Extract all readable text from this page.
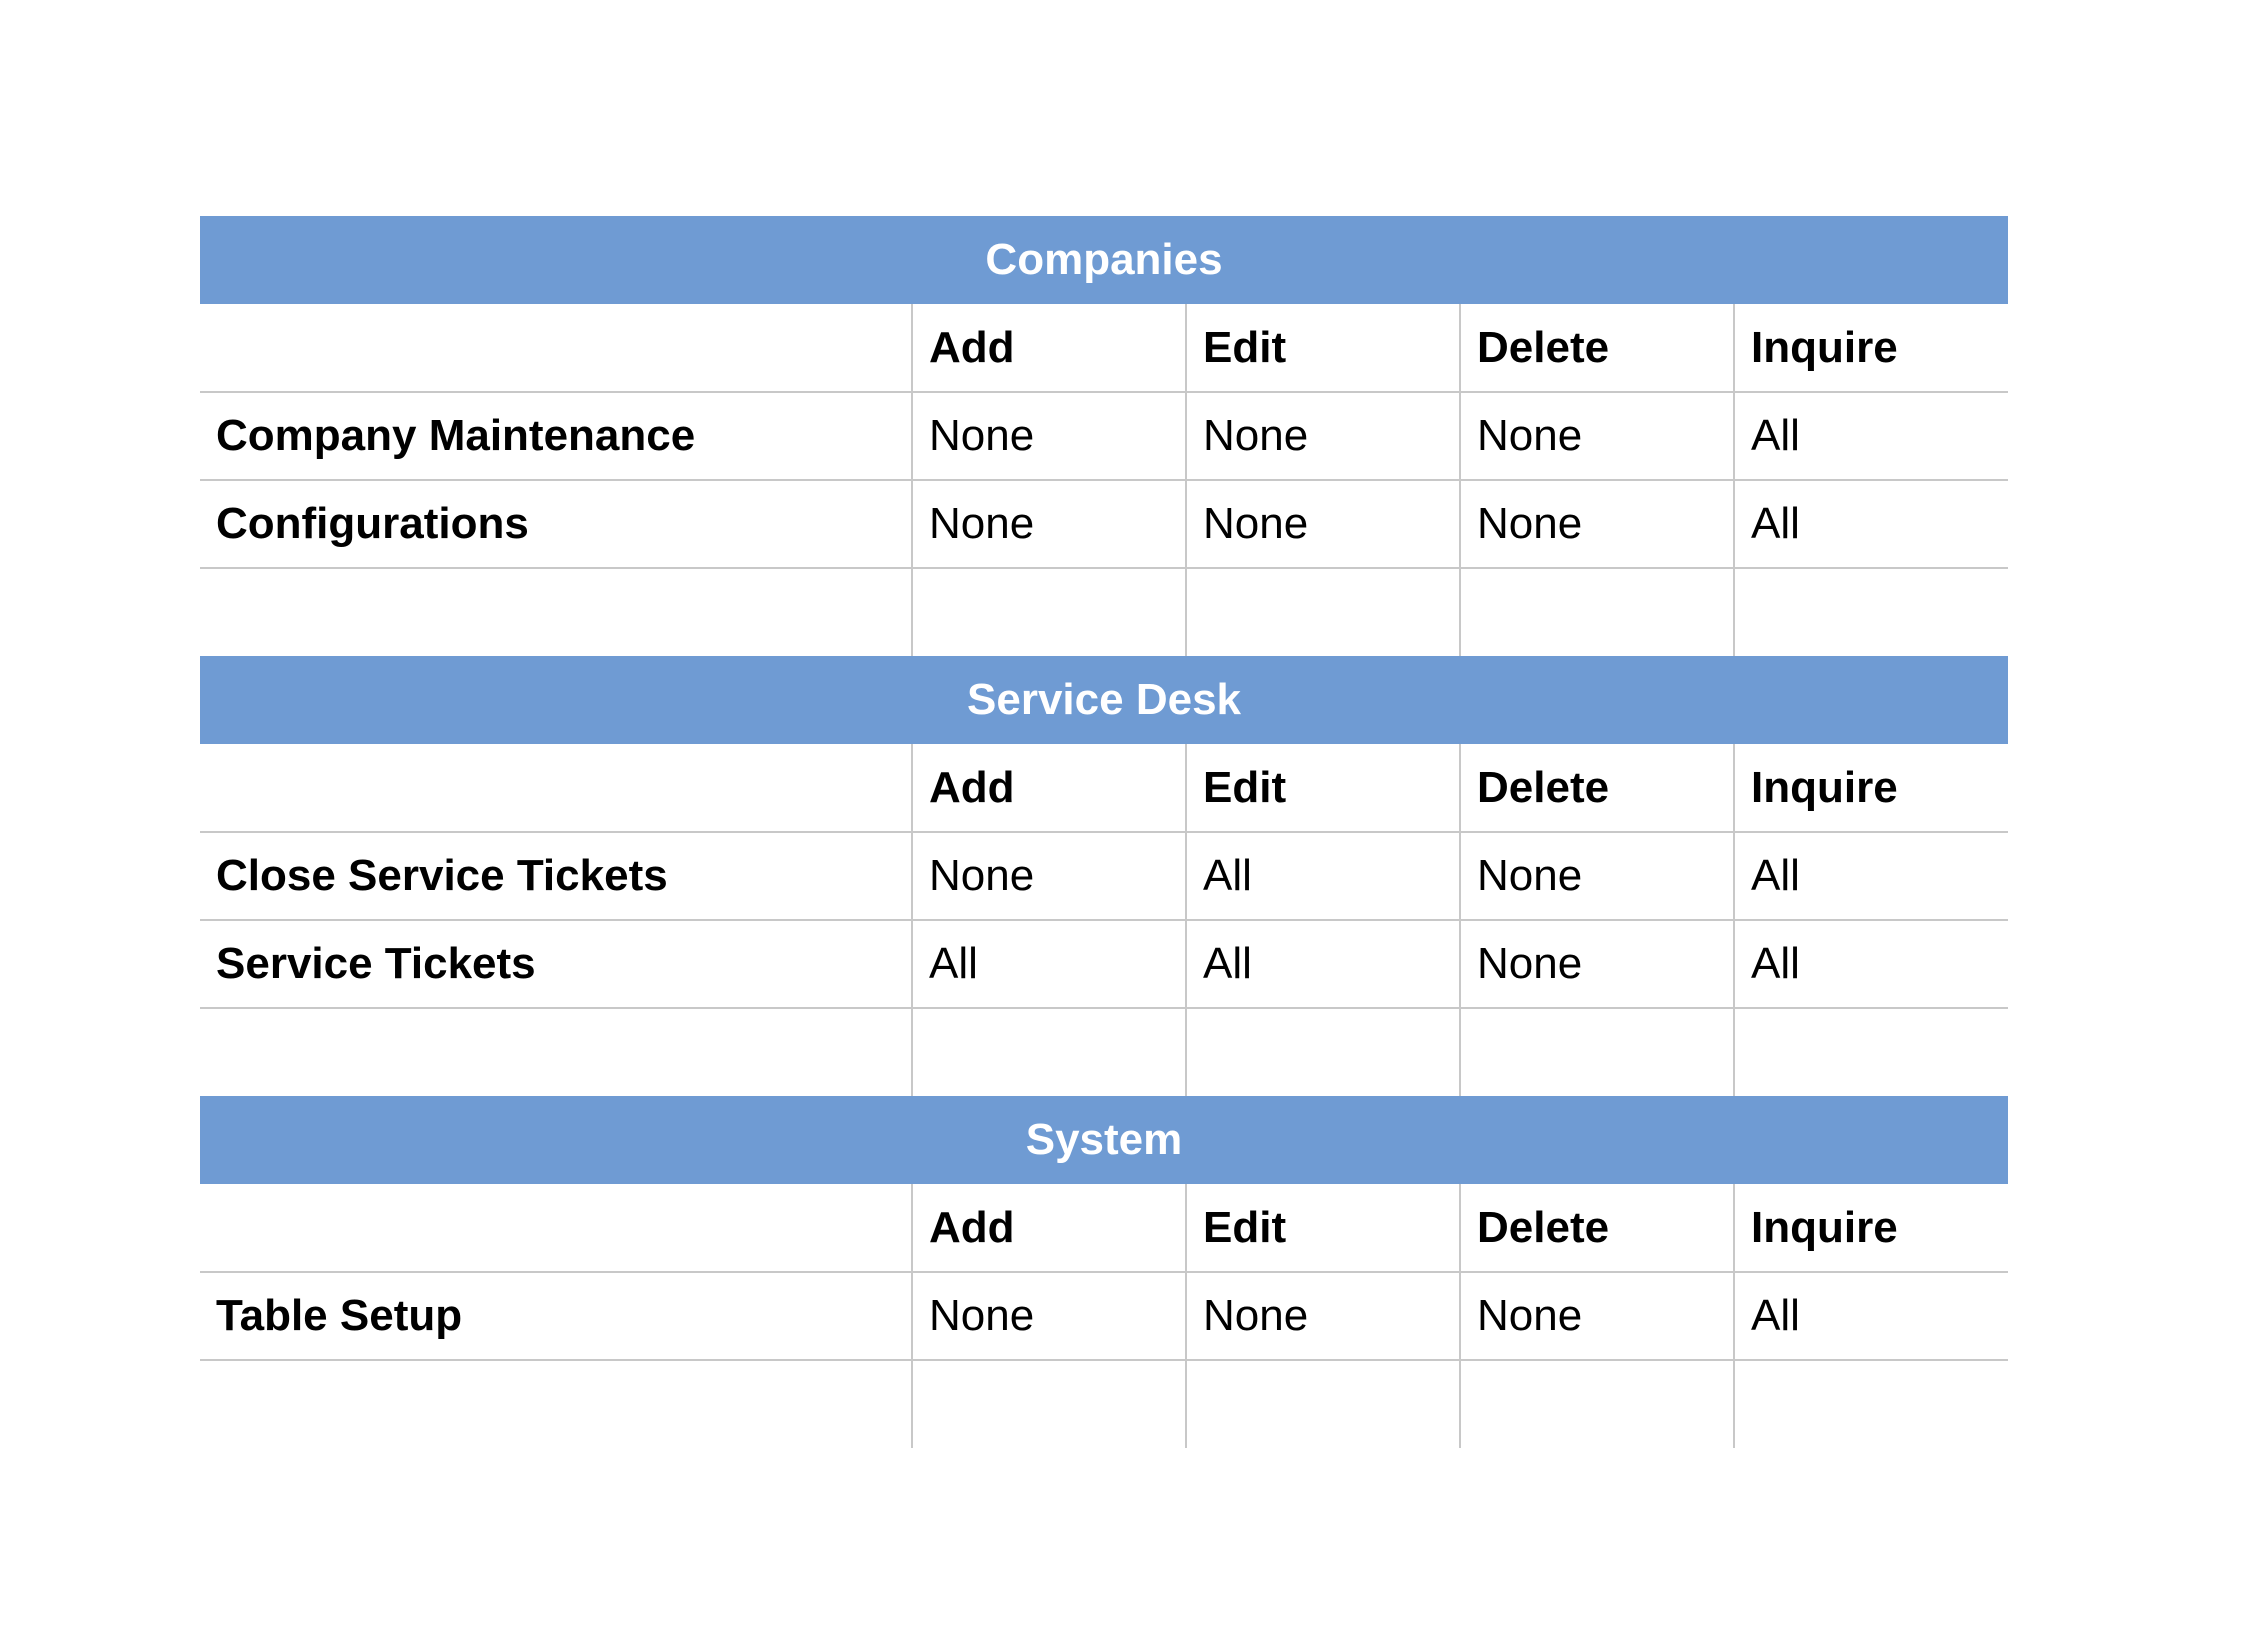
Companies				
	Add	Edit	Delete	Inquire
Company Maintenance	None	None	None	All
Configurations	None	None	None	All

Service Desk				
	Add	Edit	Delete	Inquire
Close Service Tickets	None	All	None	All
Service Tickets	All	All	None	All

System				
	Add	Edit	Delete	Inquire
Table Setup	None	None	None	All
